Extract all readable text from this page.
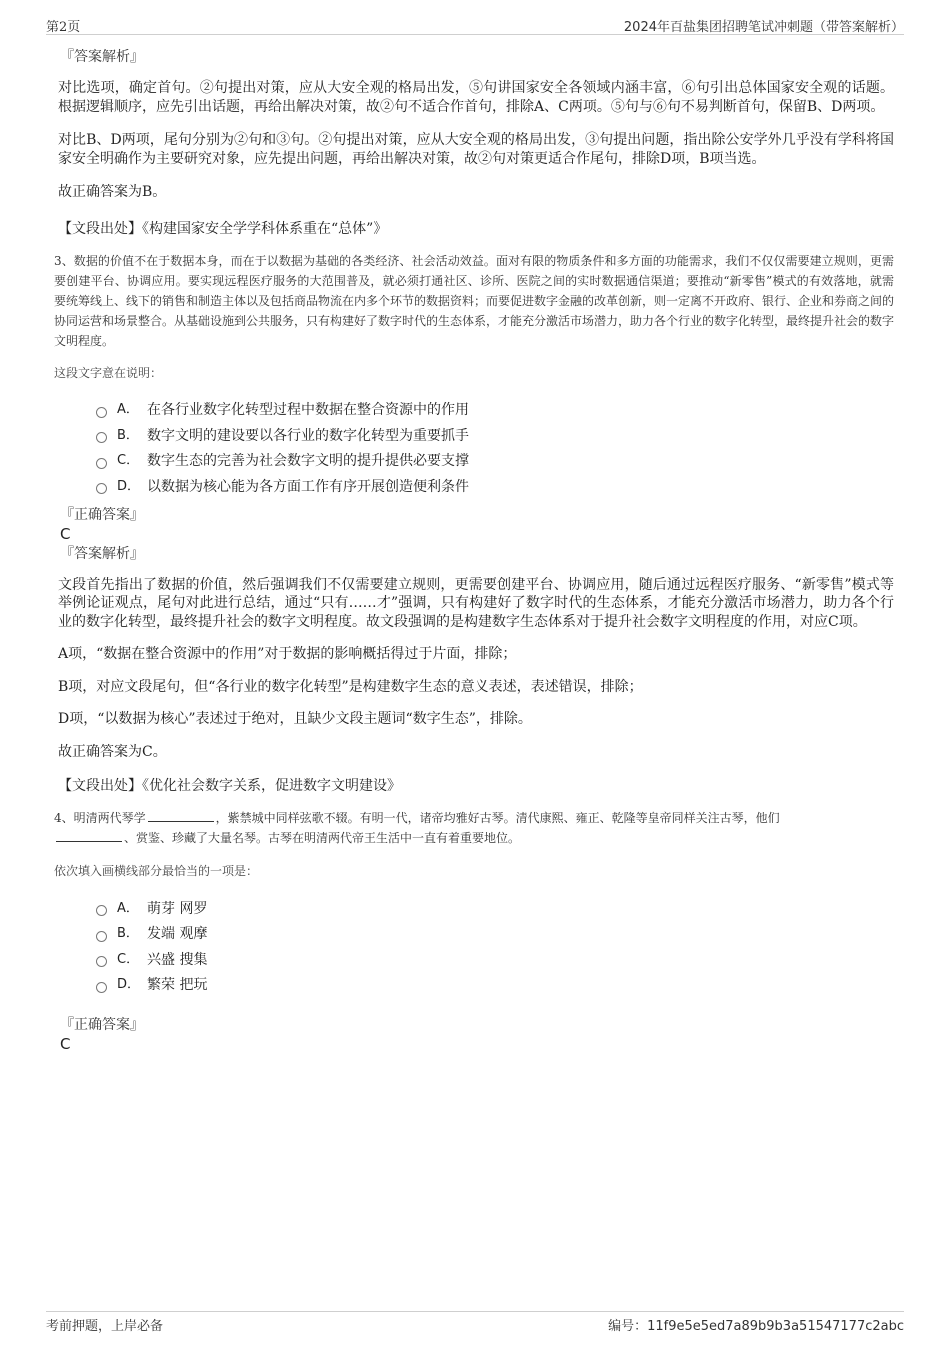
第2页	2024年百盐集团招聘笔试冲刺题（带答案解析）

『答案解析』

对比选项，确定首句。②句提出对策，应从大安全观的格局出发，⑤句讲国家安全各领域内涵丰富，⑥句引出总体国家安全观的话题。根据逻辑顺序，应先引出话题，再给出解决对策，故②句不适合作首句，排除A、C两项。⑤句与⑥句不易判断首句，保留B、D两项。

对比B、D两项，尾句分别为②句和③句。②句提出对策，应从大安全观的格局出发，③句提出问题，指出除公安学外几乎没有学科将国家安全明确作为主要研究对象，应先提出问题，再给出解决对策，故②句对策更适合作尾句，排除D项，B项当选。

故正确答案为B。

【文段出处】《构建国家安全学学科体系重在“总体”》

3、数据的价值不在于数据本身，而在于以数据为基础的各类经济、社会活动效益。面对有限的物质条件和多方面的功能需求，我们不仅仅需要建立规则，更需要创建平台、协调应用。要实现远程医疗服务的大范围普及，就必须打通社区、诊所、医院之间的实时数据通信渠道；要推动“新零售”模式的有效落地，就需要统筹线上、线下的销售和制造主体以及包括商品物流在内多个环节的数据资料；而要促进数字金融的改革创新，则一定离不开政府、银行、企业和券商之间的协同运营和场景整合。从基础设施到公共服务，只有构建好了数字时代的生态体系，才能充分激活市场潜力，助力各个行业的数字化转型，最终提升社会的数字文明程度。

这段文字意在说明：

A． 在各行业数字化转型过程中数据在整合资源中的作用
B． 数字文明的建设要以各行业的数字化转型为重要抓手
C． 数字生态的完善为社会数字文明的提升提供必要支撑
D． 以数据为核心能为各方面工作有序开展创造便利条件

『正确答案』

C

『答案解析』

文段首先指出了数据的价值，然后强调我们不仅需要建立规则，更需要创建平台、协调应用，随后通过远程医疗服务、“新零售”模式等举例论证观点，尾句对此进行总结，通过“只有……才”强调，只有构建好了数字时代的生态体系，才能充分激活市场潜力，助力各个行业的数字化转型，最终提升社会的数字文明程度。故文段强调的是构建数字生态体系对于提升社会数字文明程度的作用，对应C项。

A项，“数据在整合资源中的作用”对于数据的影响概括得过于片面，排除；

B项，对应文段尾句，但“各行业的数字化转型”是构建数字生态的意义表述，表述错误，排除；

D项，“以数据为核心”表述过于绝对，且缺少文段主题词“数字生态”，排除。

故正确答案为C。

【文段出处】《优化社会数字关系，促进数字文明建设》

4、明清两代琴学	，紫禁城中同样弦歌不辍。有明一代，诸帝均雅好古琴。清代康熙、雍正、乾隆等皇帝同样关注古琴，他们
、赏鉴、珍藏了大量名琴。古琴在明清两代帝王生活中一直有着重要地位。

依次填入画横线部分最恰当的一项是：

A． 萌芽 网罗
B． 发端 观摩
C． 兴盛 搜集
D． 繁荣 把玩

『正确答案』

C

考前押题，上岸必备	编号：11f9e5e5ed7a89b9b3a51547177c2abc
